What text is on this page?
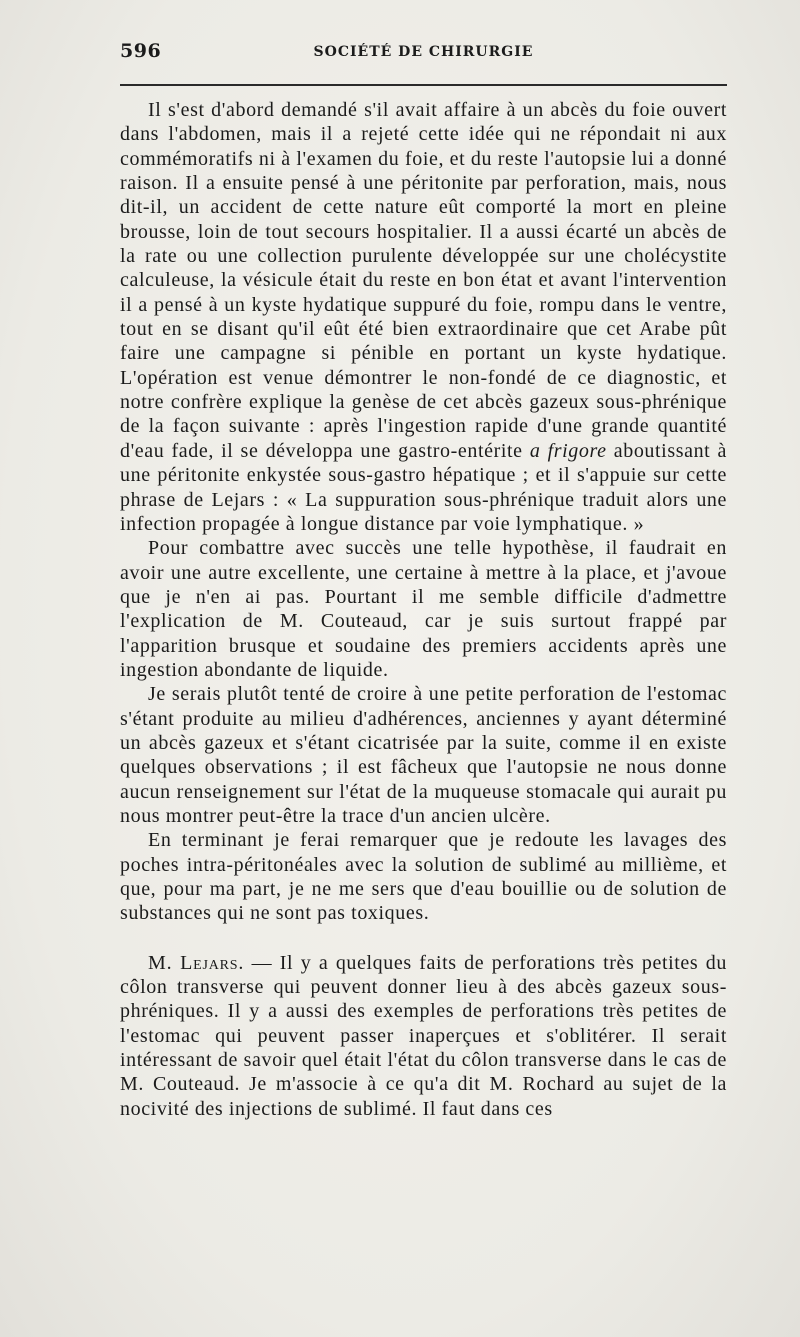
596	SOCIÉTÉ DE CHIRURGIE

Il s'est d'abord demandé s'il avait affaire à un abcès du foie ouvert dans l'abdomen, mais il a rejeté cette idée qui ne répondait ni aux commémoratifs ni à l'examen du foie, et du reste l'autopsie lui a donné raison. Il a ensuite pensé à une péritonite par perforation, mais, nous dit-il, un accident de cette nature eût comporté la mort en pleine brousse, loin de tout secours hospitalier. Il a aussi écarté un abcès de la rate ou une collection purulente développée sur une cholécystite calculeuse, la vésicule était du reste en bon état et avant l'intervention il a pensé à un kyste hydatique suppuré du foie, rompu dans le ventre, tout en se disant qu'il eût été bien extraordinaire que cet Arabe pût faire une campagne si pénible en portant un kyste hydatique. L'opération est venue démontrer le non-fondé de ce diagnostic, et notre confrère explique la genèse de cet abcès gazeux sous-phrénique de la façon suivante : après l'ingestion rapide d'une grande quantité d'eau fade, il se développa une gastro-entérite a frigore aboutissant à une péritonite enkystée sous-gastro hépatique ; et il s'appuie sur cette phrase de Lejars : « La suppuration sous-phrénique traduit alors une infection propagée à longue distance par voie lymphatique. »

Pour combattre avec succès une telle hypothèse, il faudrait en avoir une autre excellente, une certaine à mettre à la place, et j'avoue que je n'en ai pas. Pourtant il me semble difficile d'admettre l'explication de M. Couteaud, car je suis surtout frappé par l'apparition brusque et soudaine des premiers accidents après une ingestion abondante de liquide.

Je serais plutôt tenté de croire à une petite perforation de l'estomac s'étant produite au milieu d'adhérences, anciennes y ayant déterminé un abcès gazeux et s'étant cicatrisée par la suite, comme il en existe quelques observations ; il est fâcheux que l'autopsie ne nous donne aucun renseignement sur l'état de la muqueuse stomacale qui aurait pu nous montrer peut-être la trace d'un ancien ulcère.

En terminant je ferai remarquer que je redoute les lavages des poches intra-péritonéales avec la solution de sublimé au millième, et que, pour ma part, je ne me sers que d'eau bouillie ou de solution de substances qui ne sont pas toxiques.

M. Lejars. — Il y a quelques faits de perforations très petites du côlon transverse qui peuvent donner lieu à des abcès gazeux sous-phréniques. Il y a aussi des exemples de perforations très petites de l'estomac qui peuvent passer inaperçues et s'oblitérer. Il serait intéressant de savoir quel était l'état du côlon transverse dans le cas de M. Couteaud. Je m'associe à ce qu'a dit M. Rochard au sujet de la nocivité des injections de sublimé. Il faut dans ces
